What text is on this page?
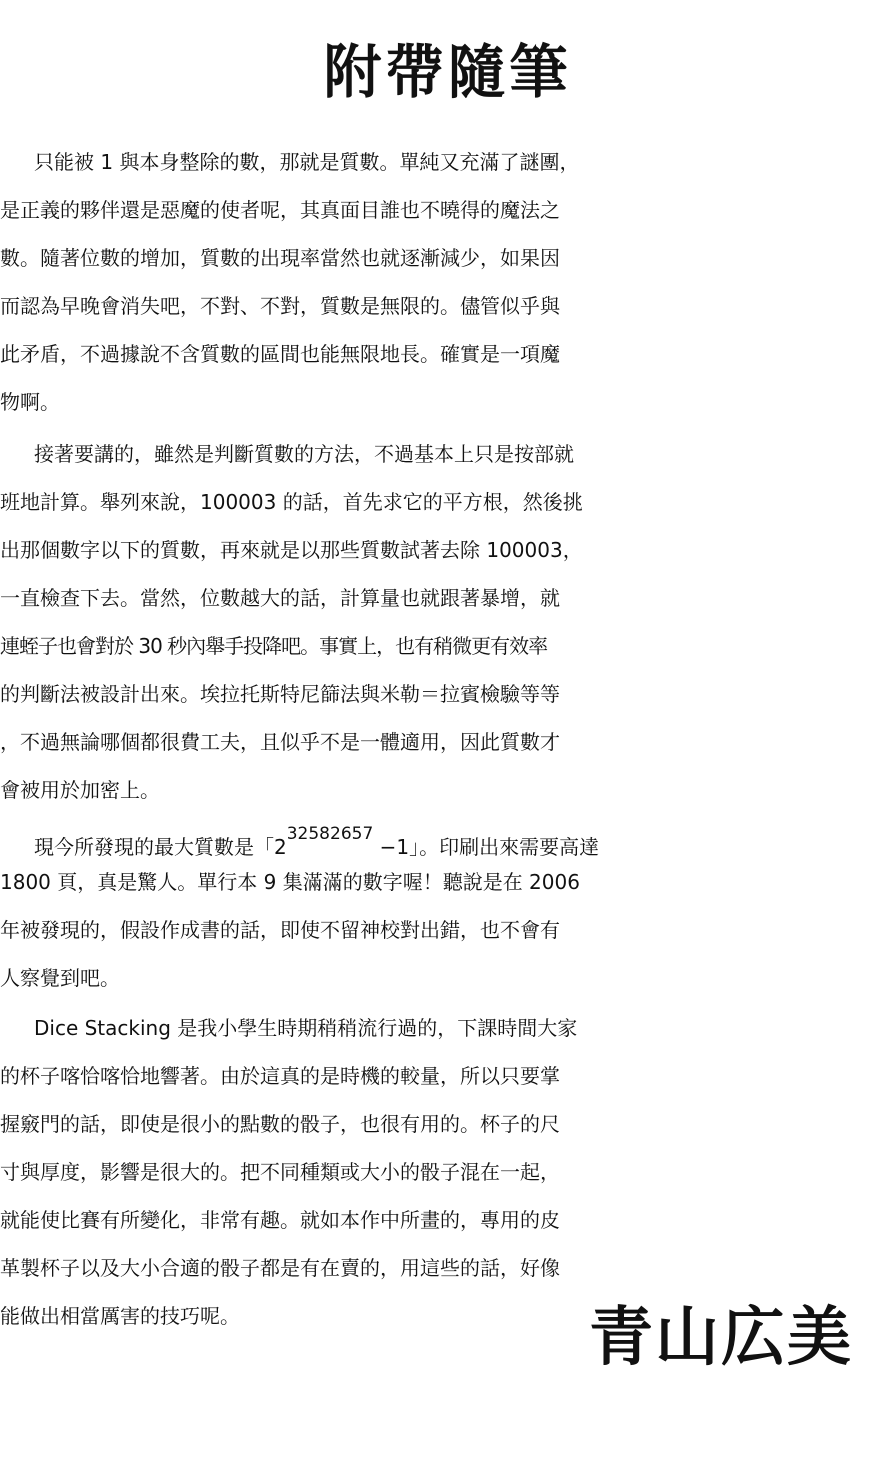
附帶隨筆
只能被 1 與本身整除的數，那就是質數。單純又充滿了謎團，
是正義的夥伴還是惡魔的使者呢，其真面目誰也不曉得的魔法之
數。隨著位數的增加，質數的出現率當然也就逐漸減少，如果因
而認為早晚會消失吧，不對、不對，質數是無限的。儘管似乎與
此矛盾，不過據說不含質數的區間也能無限地長。確實是一項魔
物啊。
接著要講的，雖然是判斷質數的方法，不過基本上只是按部就
班地計算。舉列來說，100003 的話，首先求它的平方根，然後挑
出那個數字以下的質數，再來就是以那些質數試著去除 100003，
一直檢查下去。當然，位數越大的話，計算量也就跟著暴增，就
連蛭子也會對於 30 秒內舉手投降吧。事實上，也有稍微更有效率
的判斷法被設計出來。埃拉托斯特尼篩法與米勒＝拉賓檢驗等等
，不過無論哪個都很費工夫，且似乎不是一體適用，因此質數才
會被用於加密上。
現今所發現的最大質數是「$2^{32582657} -1$」。印刷出來需要高達
1800 頁，真是驚人。單行本 9 集滿滿的數字喔！聽說是在 2006
年被發現的，假設作成書的話，即使不留神校對出錯，也不會有
人察覺到吧。
Dice Stacking 是我小學生時期稍稍流行過的，下課時間大家
的杯子喀恰喀恰地響著。由於這真的是時機的較量，所以只要掌
握竅門的話，即使是很小的點數的骰子，也很有用的。杯子的尺
寸與厚度，影響是很大的。把不同種類或大小的骰子混在一起，
就能使比賽有所變化，非常有趣。就如本作中所畫的，專用的皮
革製杯子以及大小合適的骰子都是有在賣的，用這些的話，好像
能做出相當厲害的技巧呢。	青山広美
